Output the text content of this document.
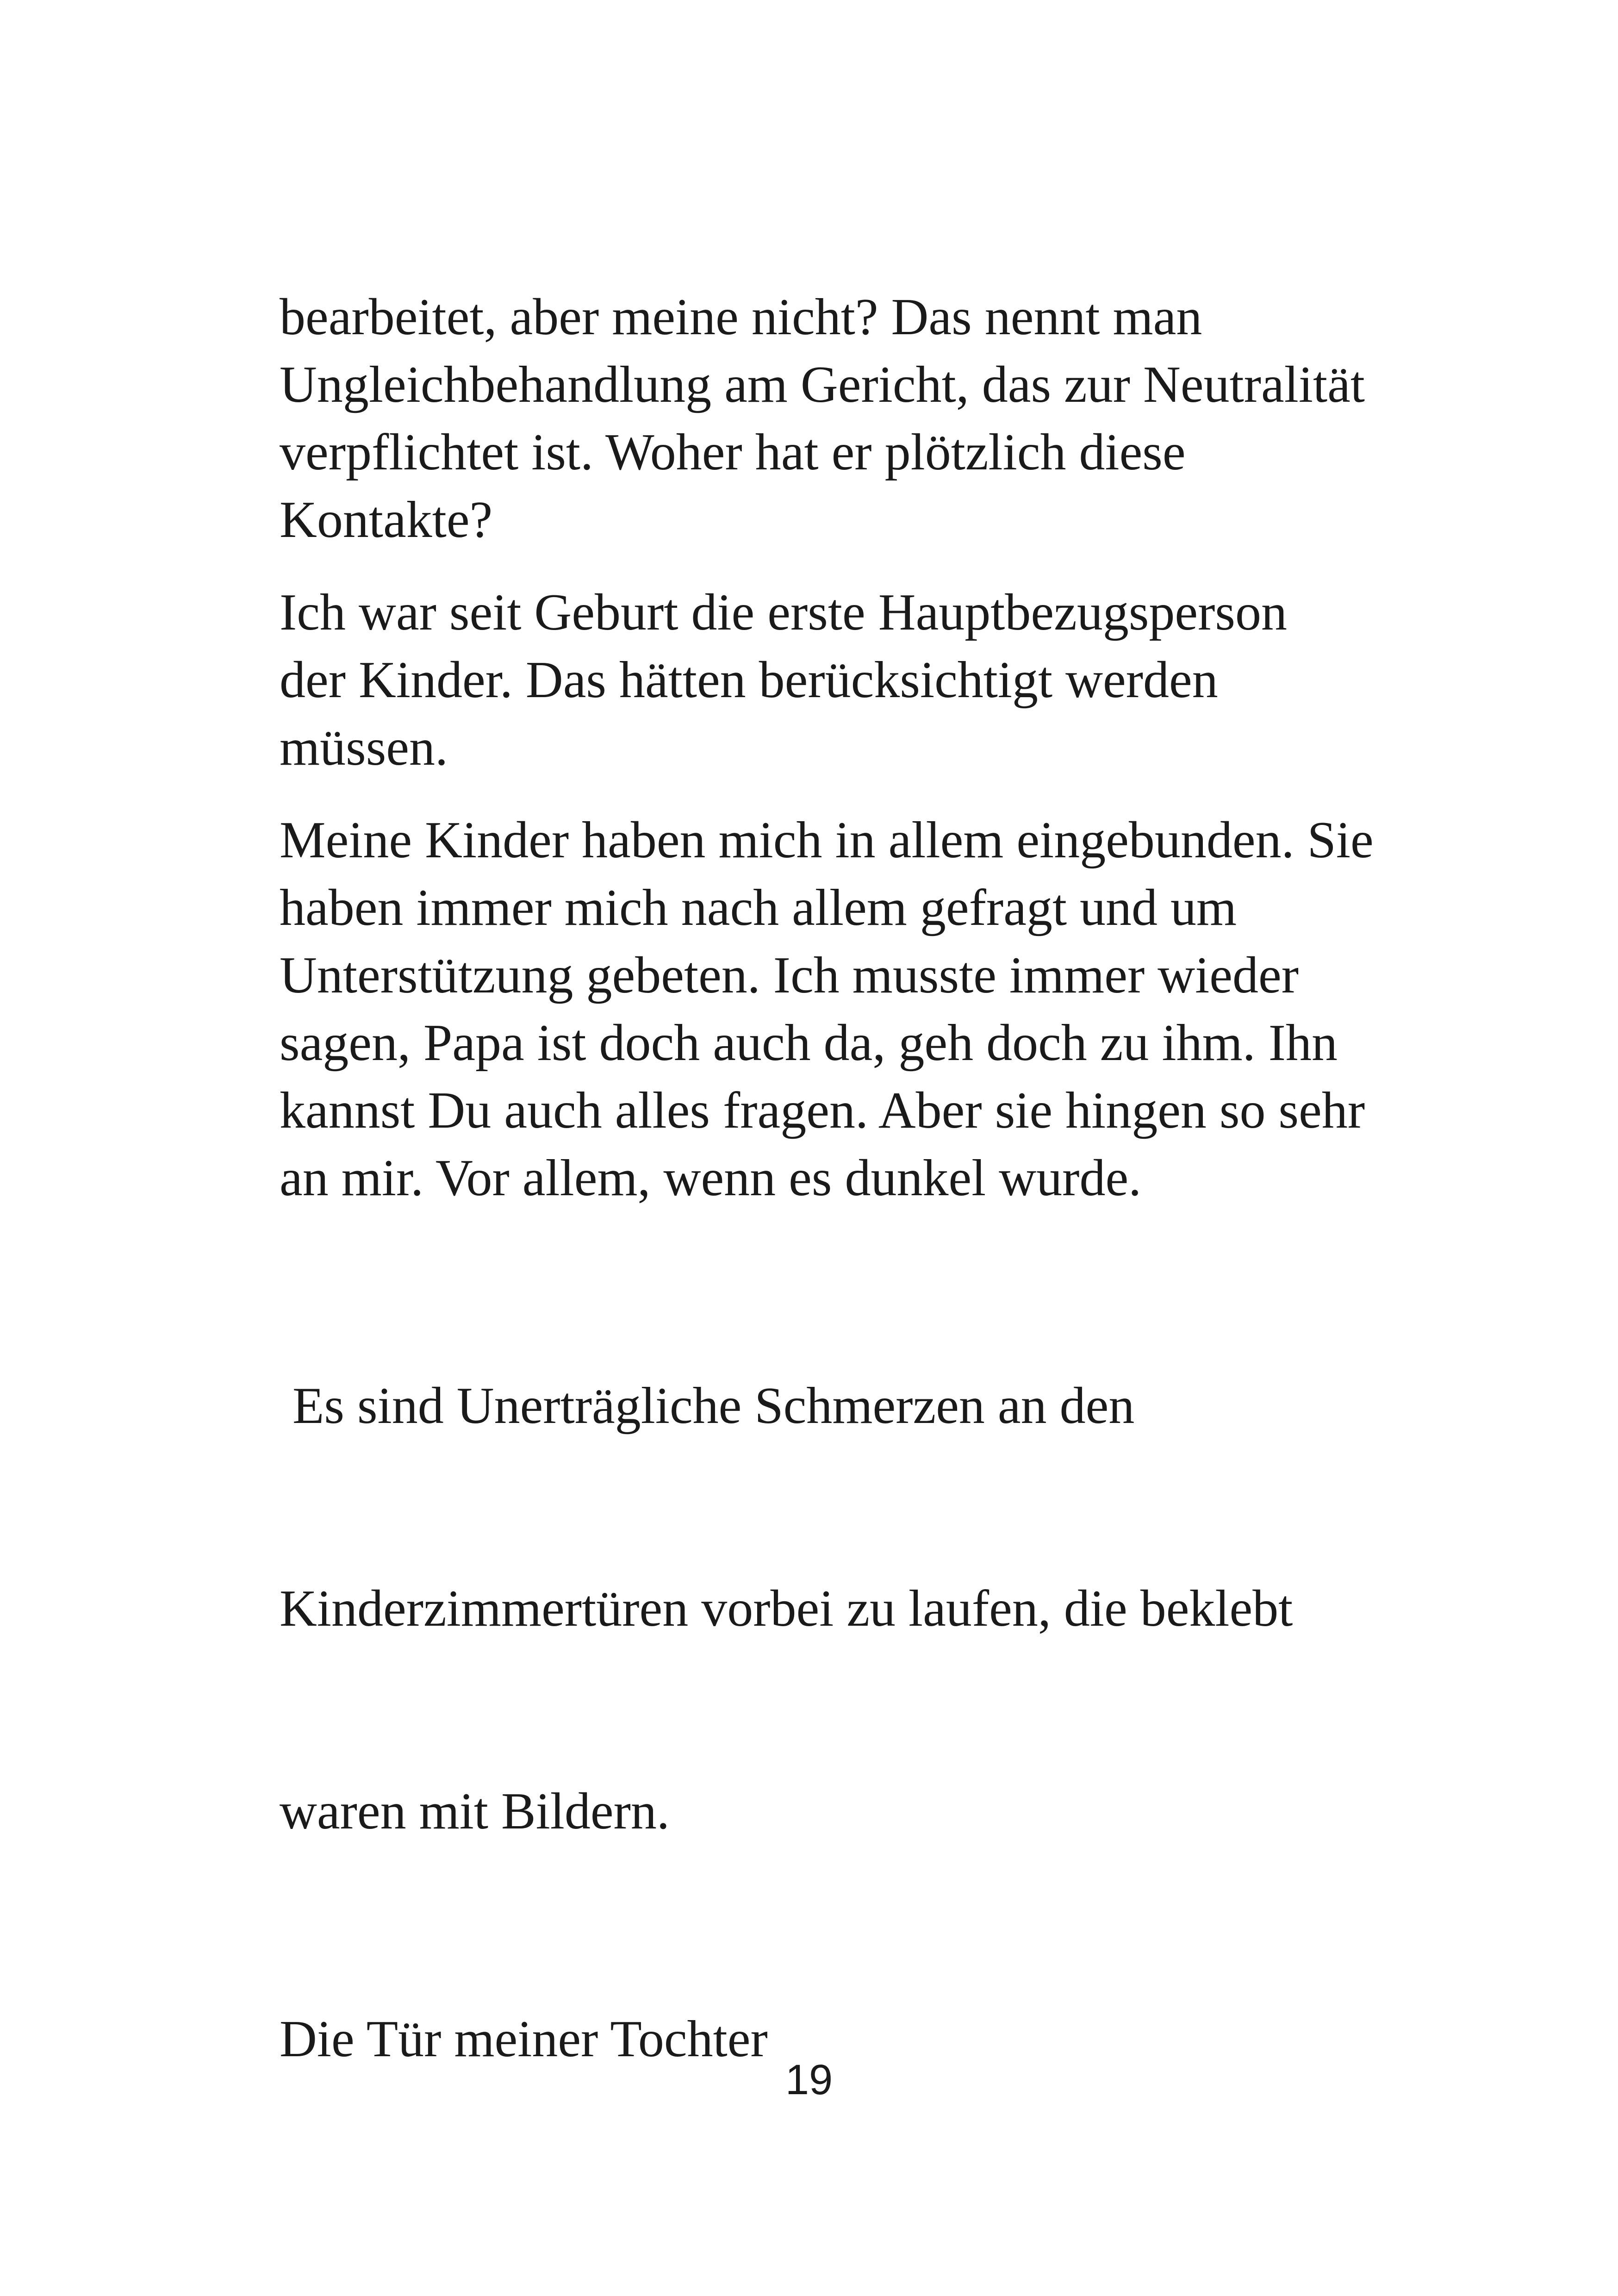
bearbeitet, aber meine nicht? Das nennt man
Ungleichbehandlung am Gericht, das zur Neutralität
verpflichtet ist. Woher hat er plötzlich diese
Kontakte?

Ich war seit Geburt die erste Hauptbezugsperson
der Kinder. Das hätten berücksichtigt werden
müssen.

Meine Kinder haben mich in allem eingebunden. Sie
haben immer mich nach allem gefragt und um
Unterstützung gebeten. Ich musste immer wieder
sagen, Papa ist doch auch da, geh doch zu ihm. Ihn
kannst Du auch alles fragen. Aber sie hingen so sehr
an mir. Vor allem, wenn es dunkel wurde.

Es sind Unerträgliche Schmerzen an den

Kinderzimmertüren vorbei zu laufen, die beklebt

waren mit Bildern.

Die Tür meiner Tochter

19
